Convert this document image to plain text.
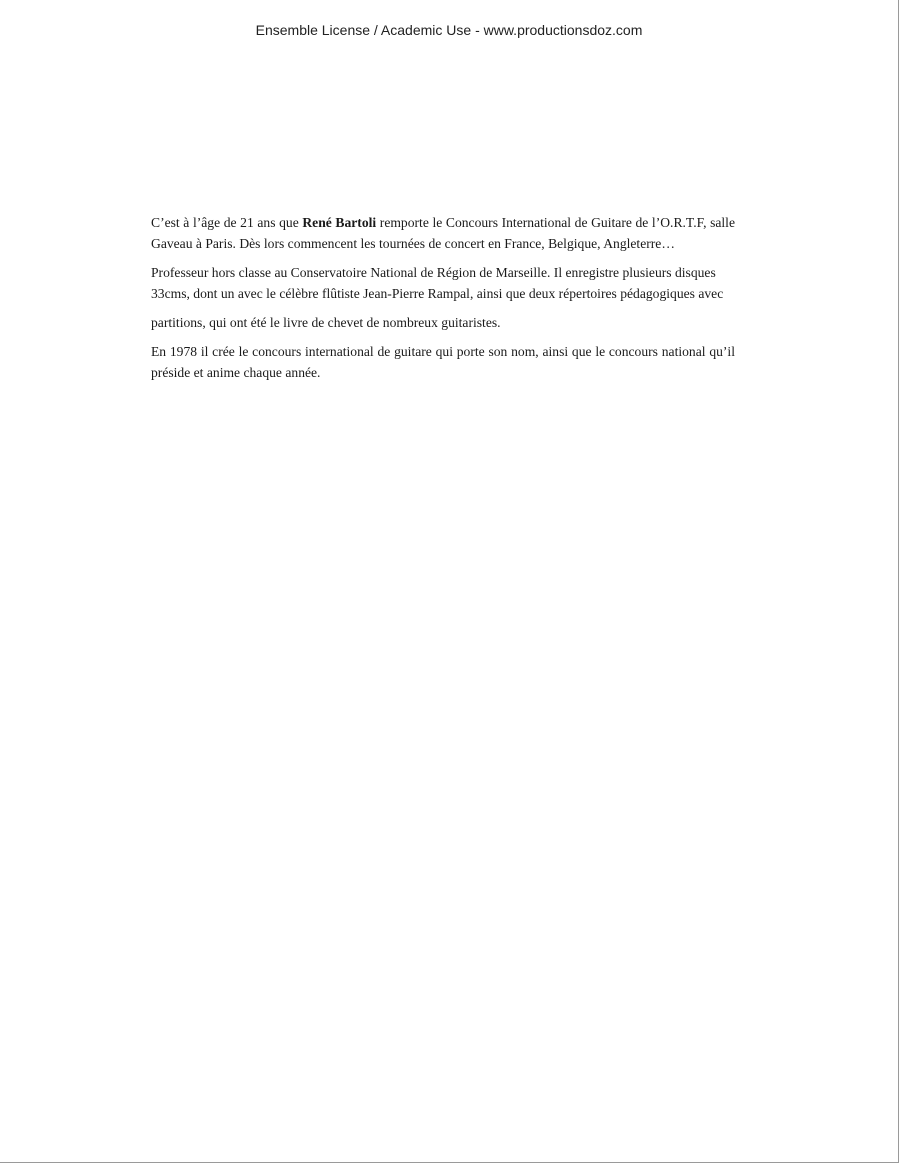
Ensemble License / Academic Use - www.productionsdoz.com

C’est à l’âge de 21 ans que René Bartoli remporte le Concours International de Guitare de l’O.R.T.F, salle Gaveau à Paris. Dès lors commencent les tournées de concert en France, Belgique, Angleterre…

Professeur hors classe au Conservatoire National de Région de Marseille. Il enregistre plusieurs disques 33cms, dont un avec le célèbre flûtiste Jean-Pierre Rampal, ainsi que deux répertoires pédagogiques avec

partitions, qui ont été le livre de chevet de nombreux guitaristes.

En 1978 il crée le concours international de guitare qui porte son nom, ainsi que le concours national qu’il préside et anime chaque année.
